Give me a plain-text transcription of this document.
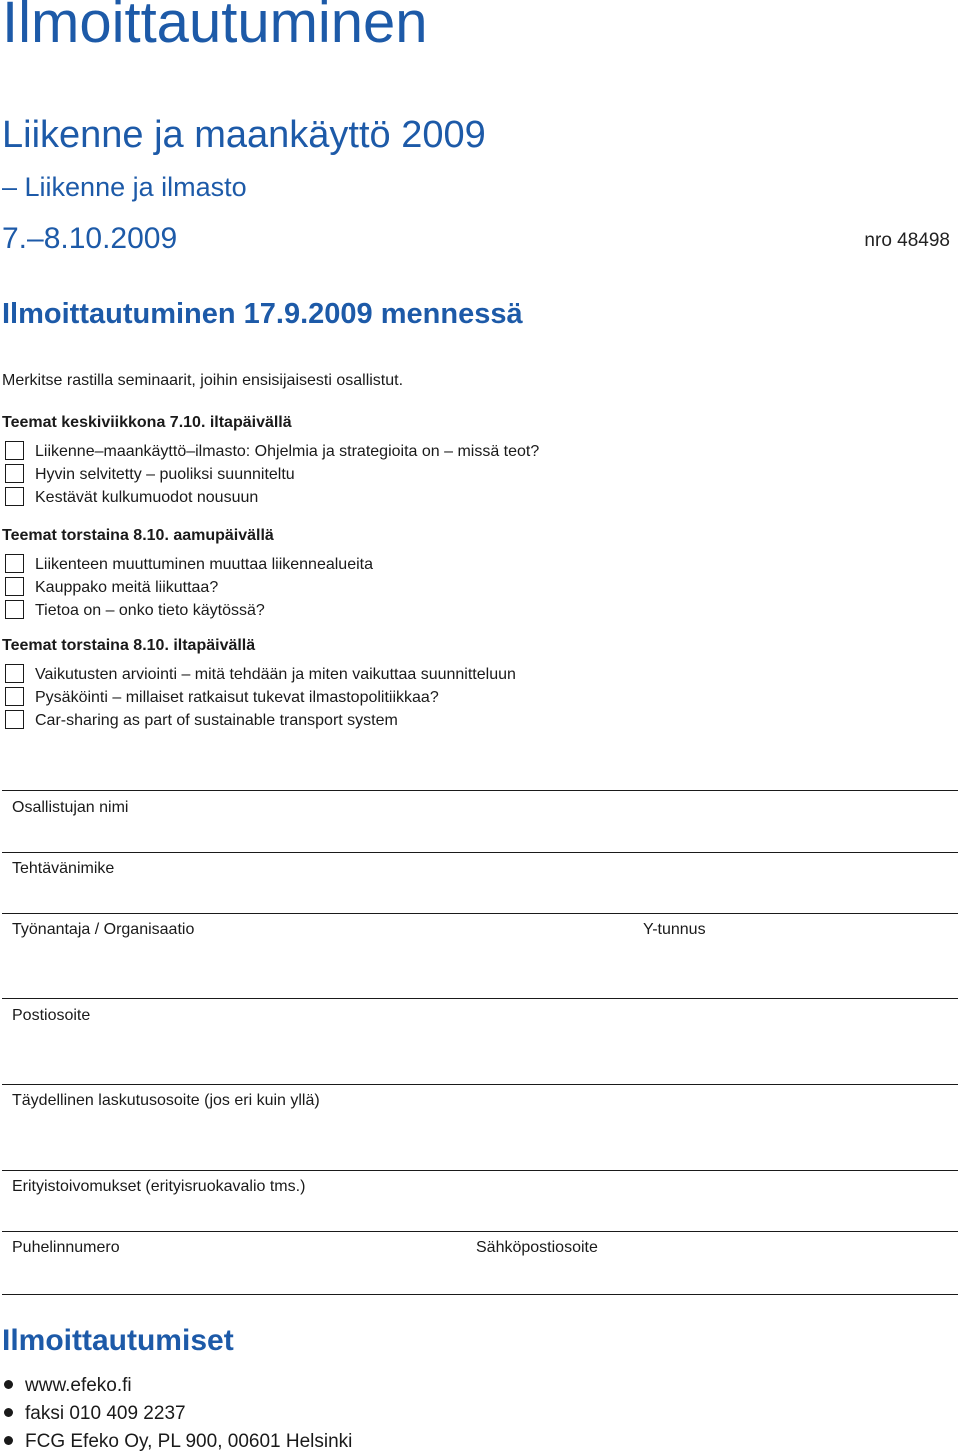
Ilmoittautuminen
Liikenne ja maankäyttö 2009
– Liikenne ja ilmasto
7.–8.10.2009	nro 48498
Ilmoittautuminen 17.9.2009 mennessä
Merkitse rastilla seminaarit, joihin ensisijaisesti osallistut.
Teemat keskiviikkona 7.10. iltapäivällä
Liikenne–maankäyttö–ilmasto: Ohjelmia ja strategioita on – missä teot?
Hyvin selvitetty – puoliksi suunniteltu
Kestävät kulkumuodot nousuun
Teemat torstaina 8.10. aamupäivällä
Liikenteen muuttuminen muuttaa liikennealueita
Kauppako meitä liikuttaa?
Tietoa on – onko tieto käytössä?
Teemat torstaina 8.10. iltapäivällä
Vaikutusten arviointi – mitä tehdään ja miten vaikuttaa suunnitteluun
Pysäköinti – millaiset ratkaisut tukevat ilmastopolitiikkaa?
Car-sharing as part of sustainable transport system
Osallistujan nimi
Tehtävänimike
Työnantaja / Organisaatio	Y-tunnus
Postiosoite
Täydellinen laskutusosoite (jos eri kuin yllä)
Erityistoivomukset (erityisruokavalio tms.)
Puhelinnumero	Sähköpostiosoite
Ilmoittautumiset
www.efeko.fi
faksi 010 409 2237
FCG Efeko Oy, PL 900, 00601 Helsinki
